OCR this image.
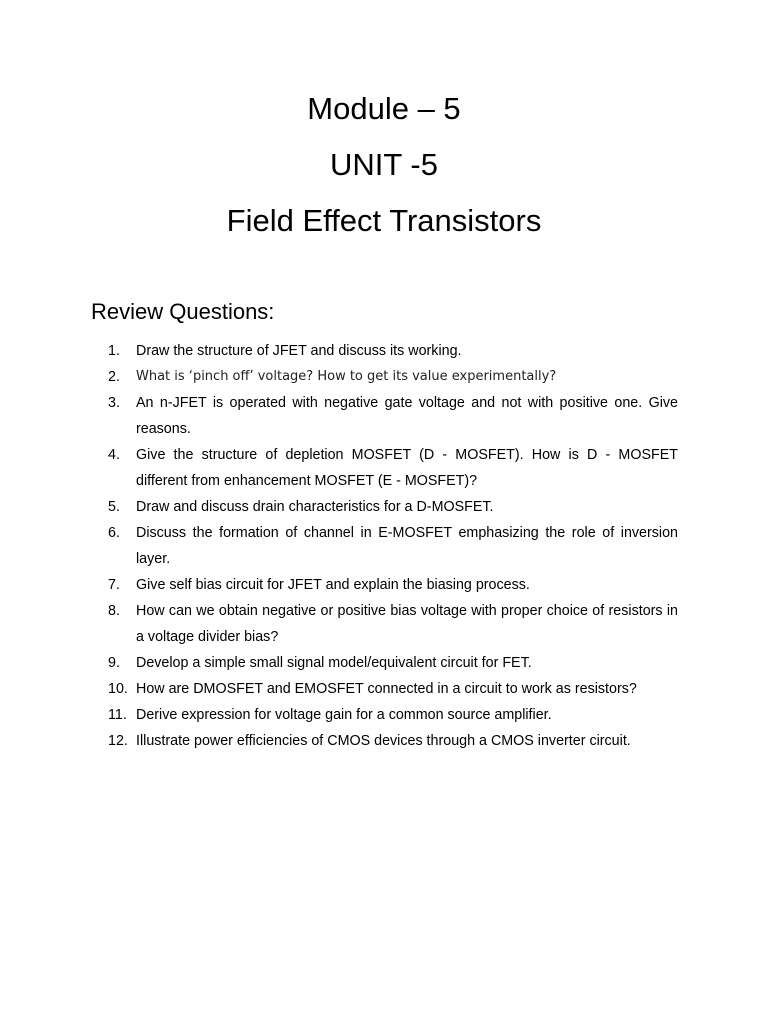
Module – 5
UNIT -5
Field Effect Transistors
Review Questions:
1.	Draw the structure of JFET and discuss its working.
2.	What is ‘pinch off’ voltage? How to get its value experimentally?
3.	An n-JFET is operated with negative gate voltage and not with positive one. Give reasons.
4.	Give the structure of depletion MOSFET (D - MOSFET). How is D - MOSFET different from enhancement MOSFET (E - MOSFET)?
5.	Draw and discuss drain characteristics for a D-MOSFET.
6.	Discuss the formation of channel in E-MOSFET emphasizing the role of inversion layer.
7.	Give self bias circuit for JFET and explain the biasing process.
8.	How can we obtain negative or positive bias voltage with proper choice of resistors in a voltage divider bias?
9.	Develop a simple small signal model/equivalent circuit for FET.
10. How are DMOSFET and EMOSFET connected in a circuit to work as resistors?
11. Derive expression for voltage gain for a common source amplifier.
12. Illustrate power efficiencies of CMOS devices through a CMOS inverter circuit.
